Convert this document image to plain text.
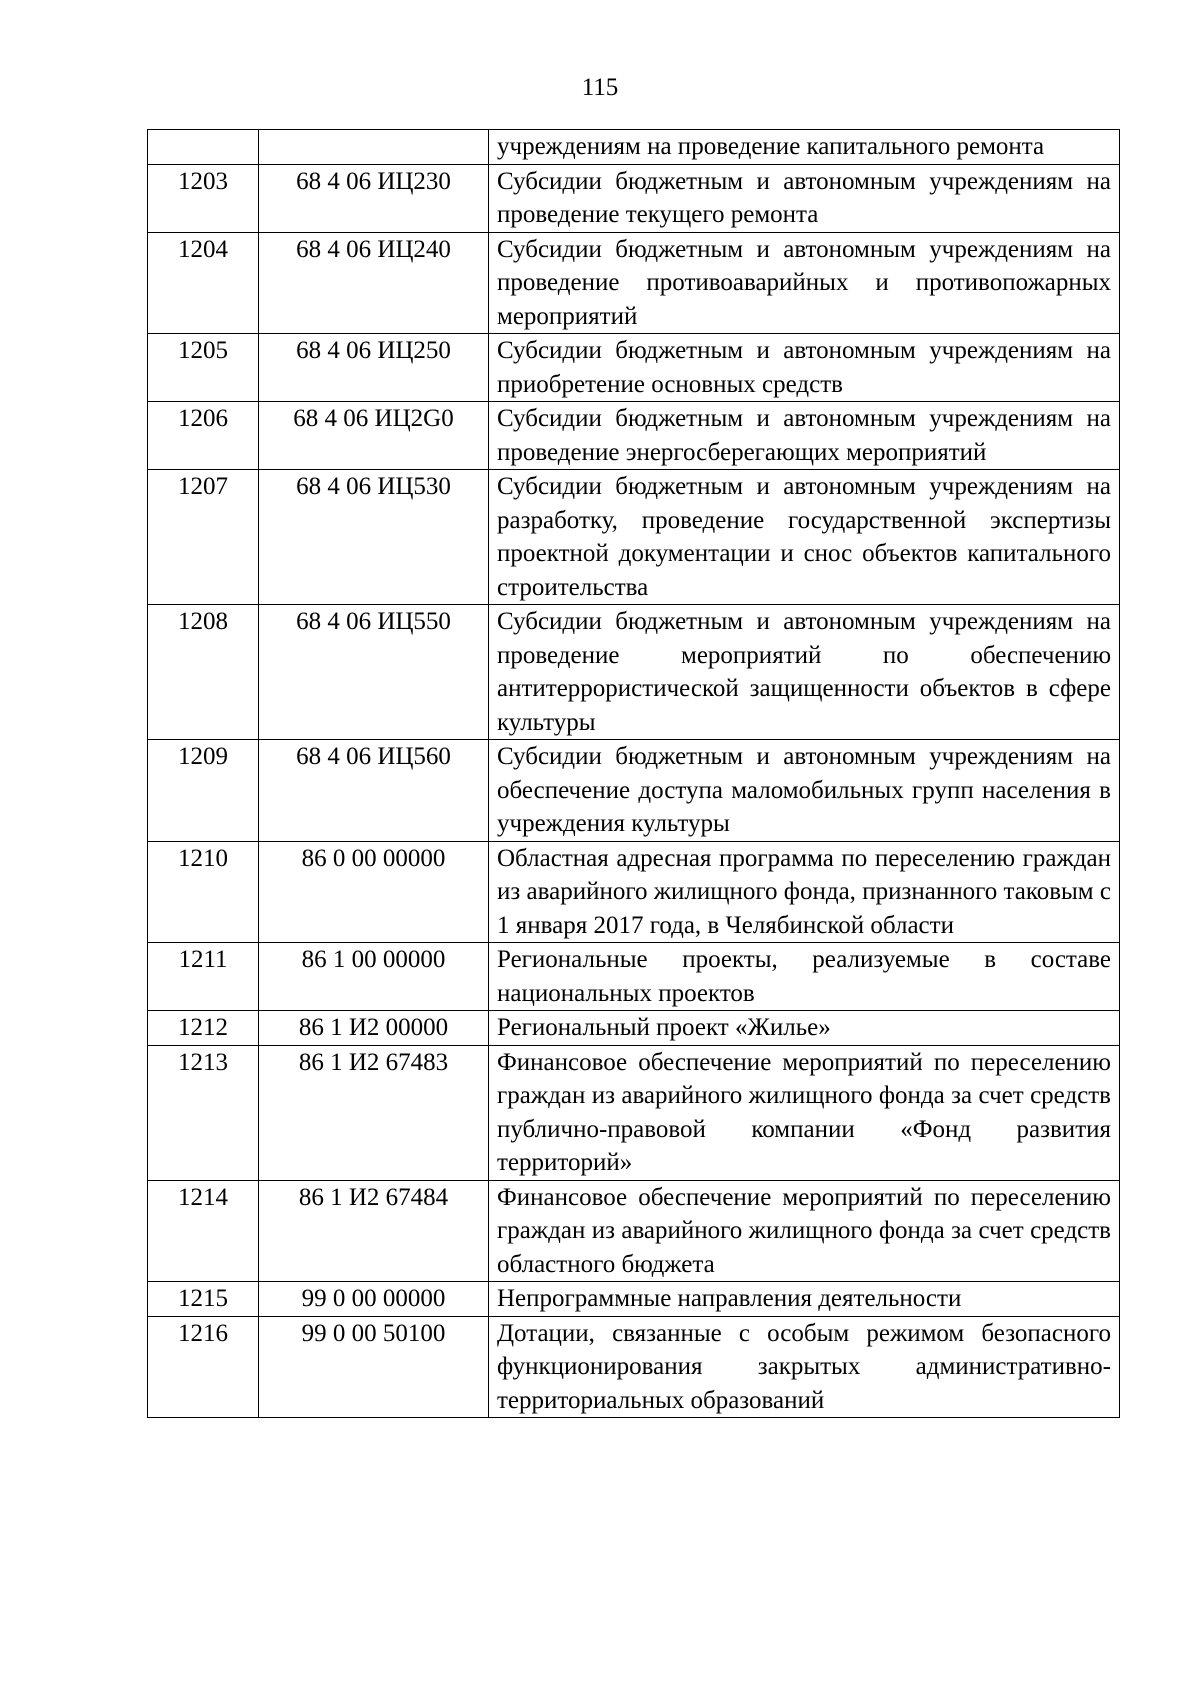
115
		учреждениям на проведение капитального ремонта
1203	68 4 06 ИЦ230	Субсидии бюджетным и автономным учреждениям на проведение текущего ремонта
1204	68 4 06 ИЦ240	Субсидии бюджетным и автономным учреждениям на проведение противоаварийных и противопожарных мероприятий
1205	68 4 06 ИЦ250	Субсидии бюджетным и автономным учреждениям на приобретение основных средств
1206	68 4 06 ИЦ2G0	Субсидии бюджетным и автономным учреждениям на проведение энергосберегающих мероприятий
1207	68 4 06 ИЦ530	Субсидии бюджетным и автономным учреждениям на разработку, проведение государственной экспертизы проектной документации и снос объектов капитального строительства
1208	68 4 06 ИЦ550	Субсидии бюджетным и автономным учреждениям на проведение мероприятий по обеспечению антитеррористической защищенности объектов в сфере культуры
1209	68 4 06 ИЦ560	Субсидии бюджетным и автономным учреждениям на обеспечение доступа маломобильных групп населения в учреждения культуры
1210	86 0 00 00000	Областная адресная программа по переселению граждан из аварийного жилищного фонда, признанного таковым с 1 января 2017 года, в Челябинской области
1211	86 1 00 00000	Региональные проекты, реализуемые в составе национальных проектов
1212	86 1 И2 00000	Региональный проект «Жилье»
1213	86 1 И2 67483	Финансовое обеспечение мероприятий по переселению граждан из аварийного жилищного фонда за счет средств публично-правовой компании «Фонд развития территорий»
1214	86 1 И2 67484	Финансовое обеспечение мероприятий по переселению граждан из аварийного жилищного фонда за счет средств областного бюджета
1215	99 0 00 00000	Непрограммные направления деятельности
1216	99 0 00 50100	Дотации, связанные с особым режимом безопасного функционирования закрытых административно-территориальных образований
